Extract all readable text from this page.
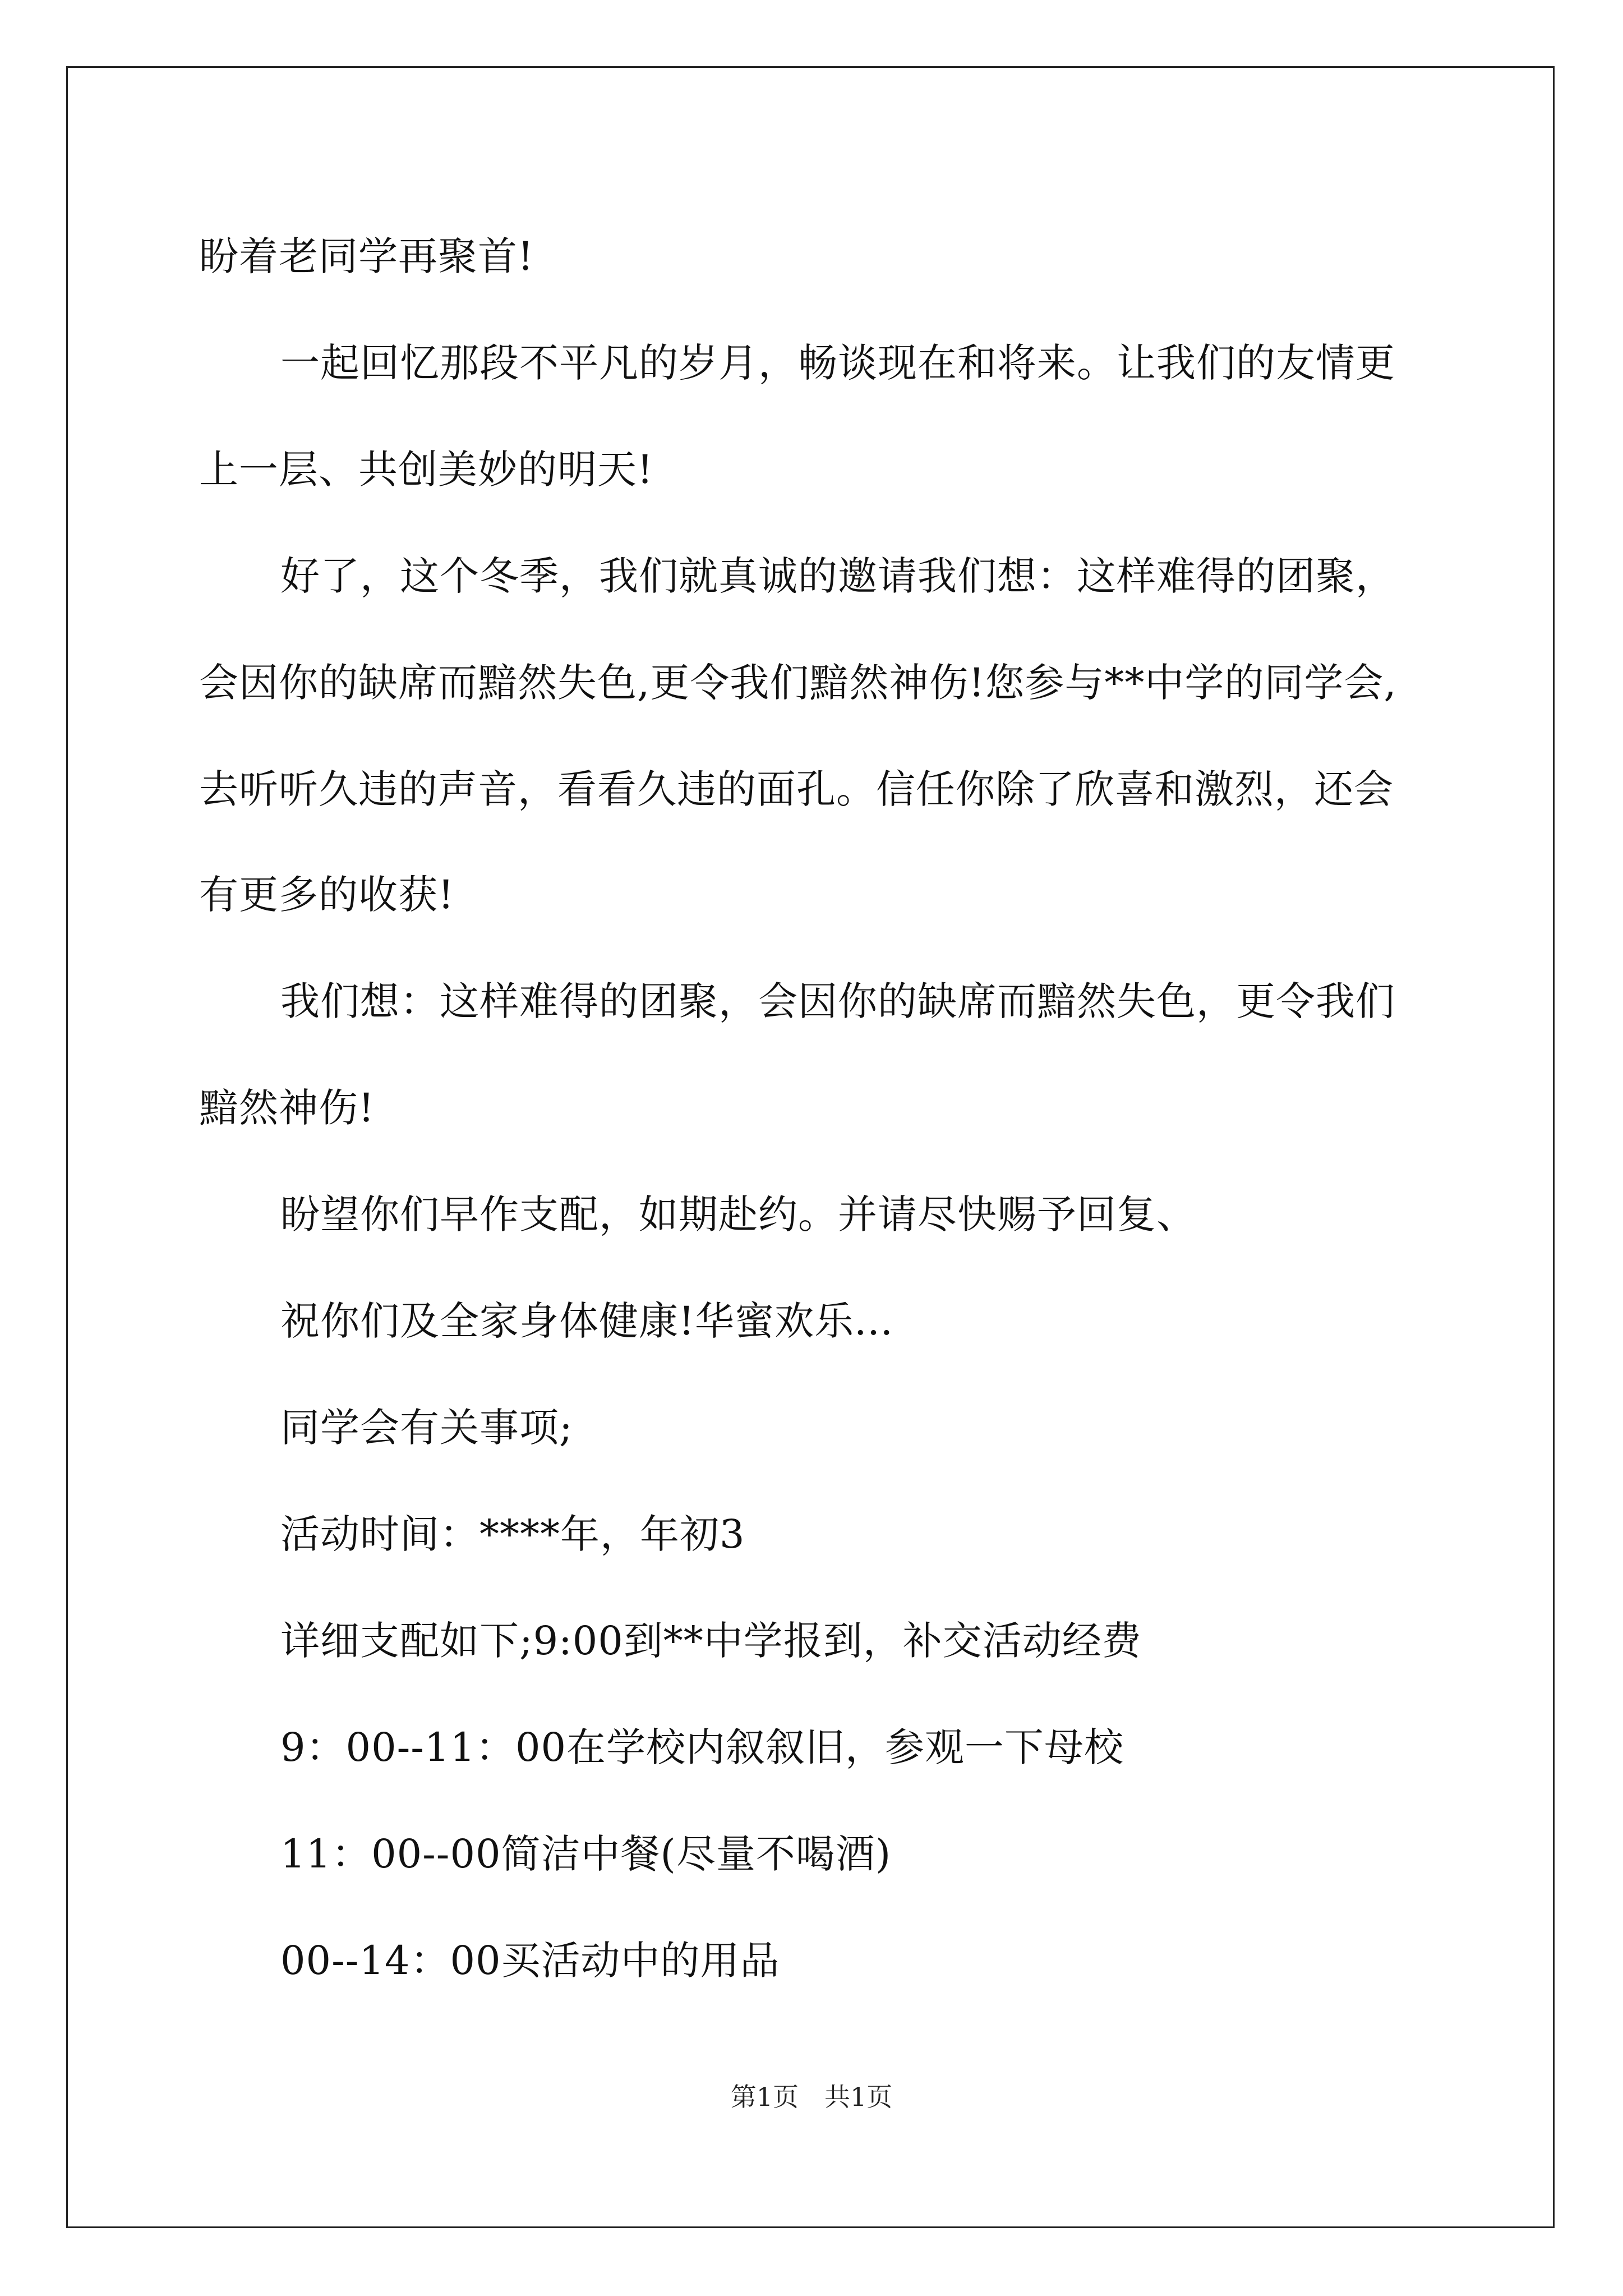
盼着老同学再聚首!

一起回忆那段不平凡的岁月，畅谈现在和将来。让我们的友情更

上一层、共创美妙的明天!

好了，这个冬季，我们就真诚的邀请我们想：这样难得的团聚，

会因你的缺席而黯然失色,更令我们黯然神伤!您参与**中学的同学会,

去听听久违的声音，看看久违的面孔。信任你除了欣喜和激烈，还会

有更多的收获!

我们想：这样难得的团聚，会因你的缺席而黯然失色，更令我们

黯然神伤!

盼望你们早作支配，如期赴约。并请尽快赐予回复、

祝你们及全家身体健康!华蜜欢乐...

同学会有关事项;

活动时间：****年，年初3

详细支配如下;9:00到**中学报到，补交活动经费

9：00--11：00在学校内叙叙旧，参观一下母校

11：00--00简洁中餐(尽量不喝酒)

00--14：00买活动中的用品

第1页 共1页
